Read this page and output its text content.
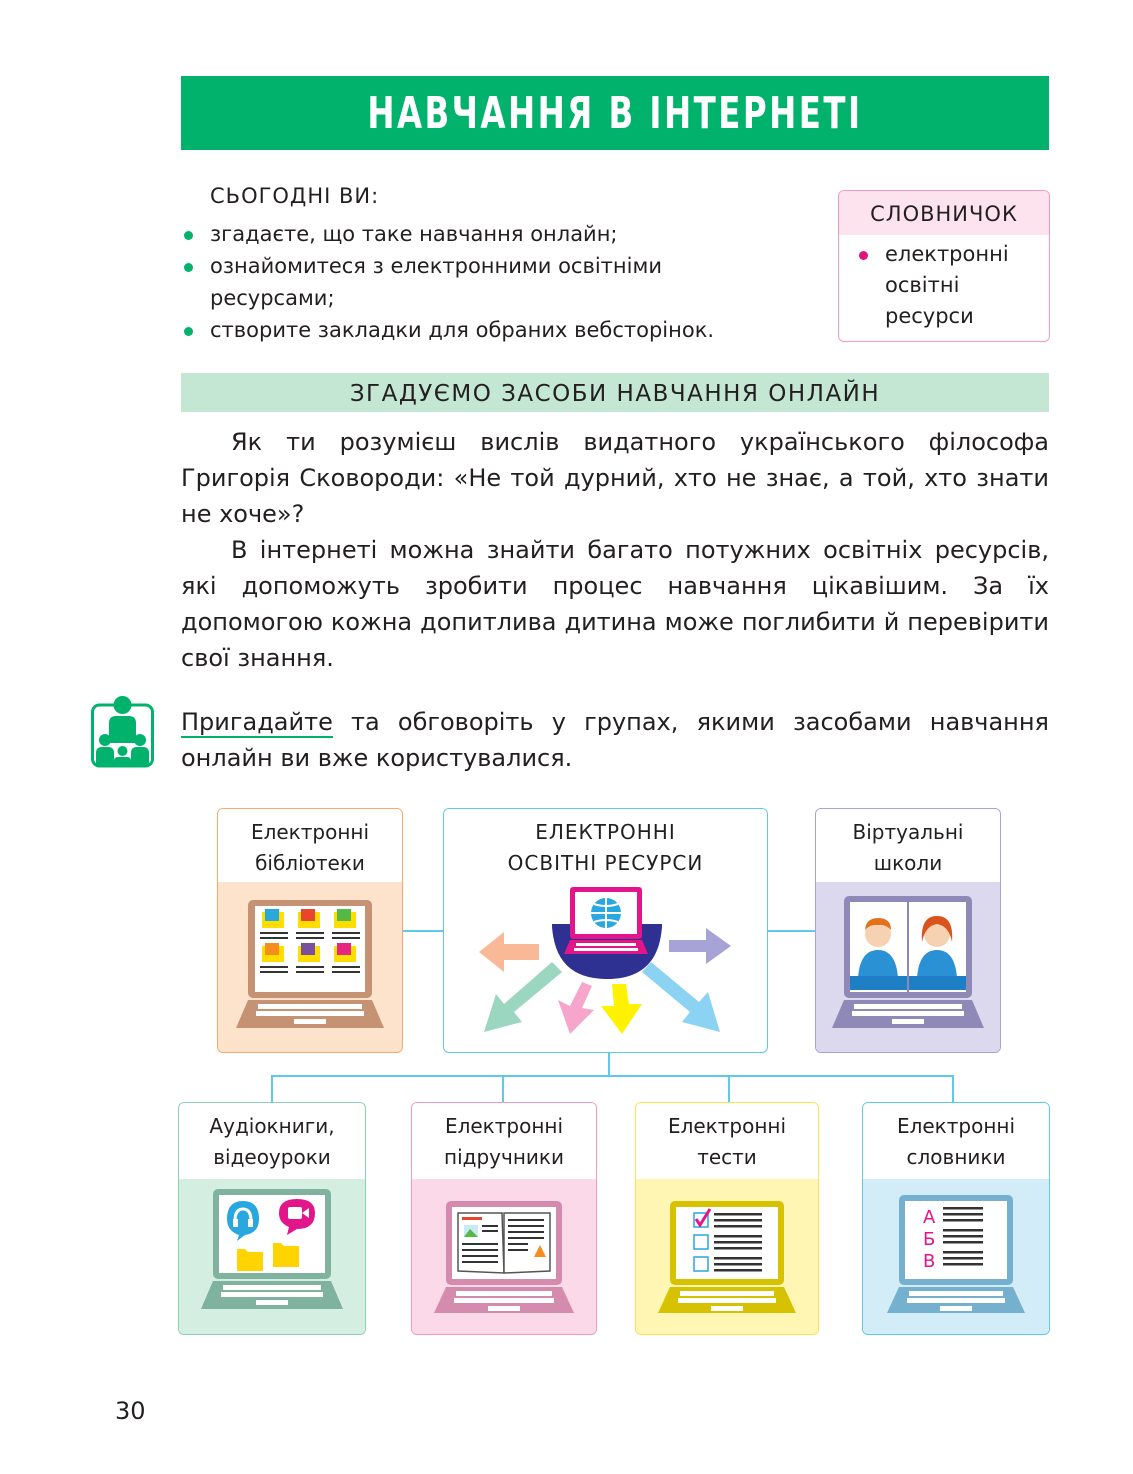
НАВЧАННЯ В ІНТЕРНЕТІ
СЬОГОДНІ ВИ:
згадаєте, що таке навчання онлайн;
ознайомитеся з електронними освітніми ресурсами;
створите закладки для обраних вебсторінок.
СЛОВНИЧОК
електронні освітні ресурси
ЗГАДУЄМО ЗАСОБИ НАВЧАННЯ ОНЛАЙН

Як ти розумієш вислів видатного українського філософа Григорія Сковороди: «Не той дурний, хто не знає, а той, хто знати не хоче»?

В інтернеті можна знайти багато потужних освітніх ресурсів, які допоможуть зробити процес навчання цікавішим. За їх допомогою кожна допитлива дитина може поглибити й перевірити свої знання.

Пригадайте та обговоріть у групах, якими засобами навчання онлайн ви вже користувалися.
Електронні бібліотеки
ЕЛЕКТРОННІ ОСВІТНІ РЕСУРСИ
Віртуальні школи
Аудіокниги, відеоуроки
Електронні підручники
Електронні тести
Електронні словники
А
Б
В
30
